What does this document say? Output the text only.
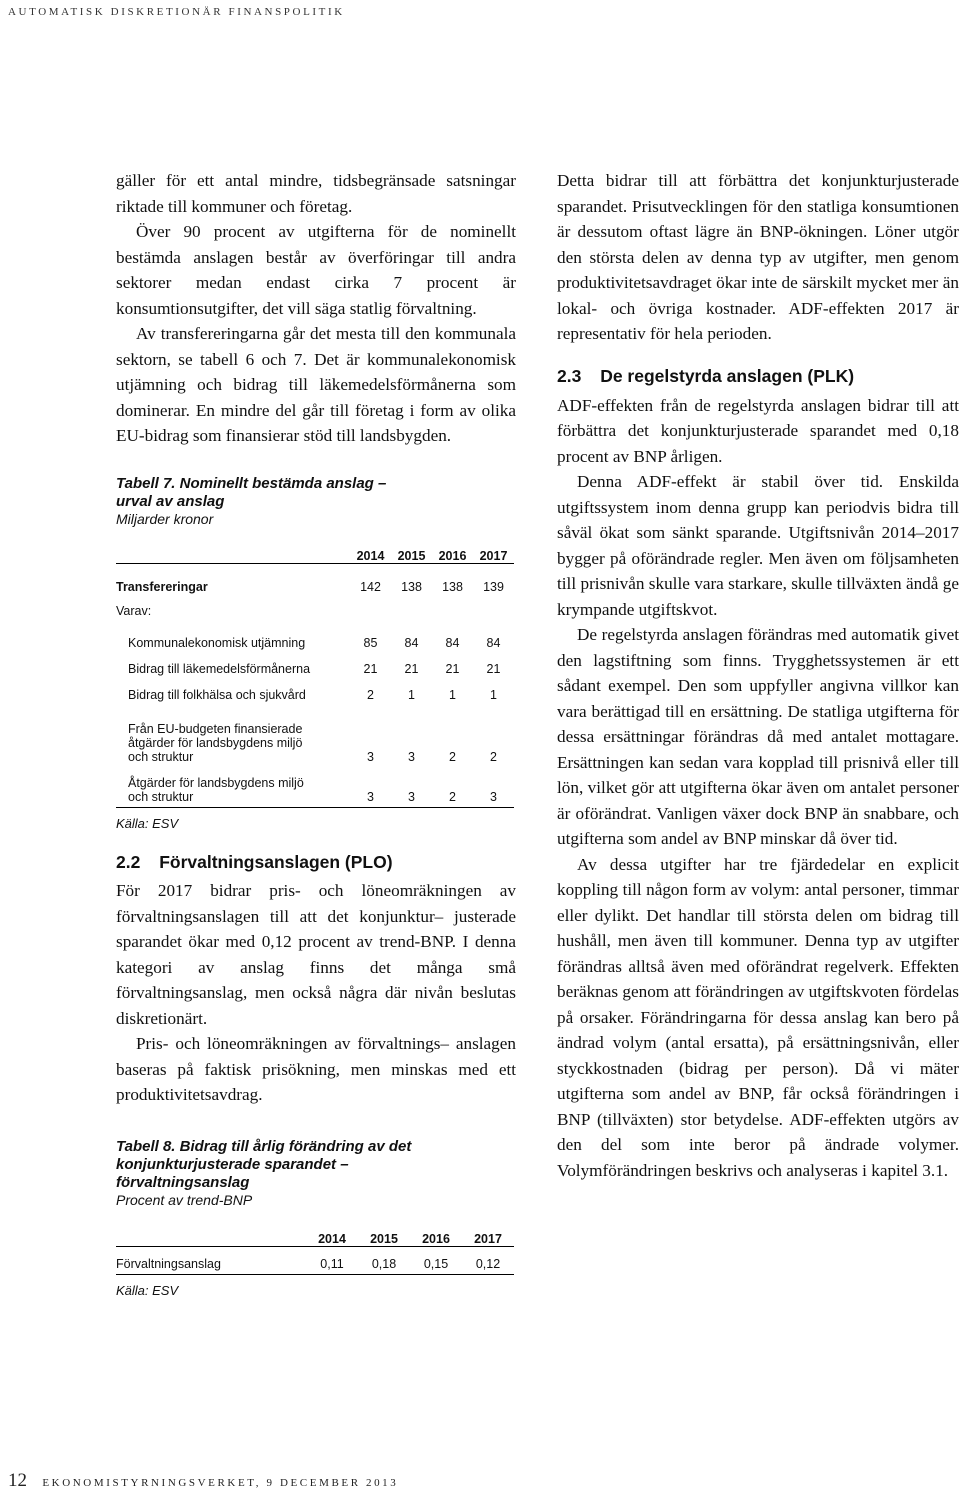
AUTOMATISK DISKRETIONÄR FINANSPOLITIK

gäller för ett antal mindre, tidsbegränsade satsningar riktade till kommuner och företag.

Över 90 procent av utgifterna för de nominellt bestämda anslagen består av överföringar till andra sektorer medan endast cirka 7 procent är konsumtionsutgifter, det vill säga statlig förvaltning.

Av transfereringarna går det mesta till den kommunala sektorn, se tabell 6 och 7. Det är kommunalekonomisk utjämning och bidrag till läkemedelsförmånerna som dominerar. En mindre del går till företag i form av olika EU-bidrag som finansierar stöd till landsbygden.

Tabell 7. Nominellt bestämda anslag –
urval av anslag
Miljarder kronor
	2014	2015	2016	2017
Transfereringar	142	138	138	139
Varav:				
Kommunalekonomisk utjämning	85	84	84	84
Bidrag till läkemedelsförmånerna	21	21	21	21
Bidrag till folkhälsa och sjukvård	2	1	1	1

Från EU-budgeten finansierade
åtgärder för landsbygdens miljö
och struktur	3	3	2	2

Åtgärder för landsbygdens miljö
och struktur	3	3	2	3
Källa: ESV
2.2 Förvaltningsanslagen (PLO)

För 2017 bidrar pris- och löneomräkningen av förvaltningsanslagen till att det konjunktur– justerade sparandet ökar med 0,12 procent av trend-BNP. I denna kategori av anslag finns det många små förvaltningsanslag, men också några där nivån beslutas diskretionärt.

Pris- och löneomräkningen av förvaltnings– anslagen baseras på faktisk prisökning, men minskas med ett produktivitetsavdrag.

Tabell 8. Bidrag till årlig förändring av det
konjunkturjusterade sparandet –
förvaltningsanslag
Procent av trend-BNP
	2014	2015	2016	2017
Förvaltningsanslag	0,11	0,18	0,15	0,12
Källa: ESV

Detta bidrar till att förbättra det konjunkturjusterade sparandet. Prisutvecklingen för den statliga konsumtionen är dessutom oftast lägre än BNP-ökningen. Löner utgör den största delen av denna typ av utgifter, men genom produktivitetsavdraget ökar inte de särskilt mycket mer än lokal- och övriga kostnader. ADF-effekten 2017 är representativ för hela perioden.

2.3 De regelstyrda anslagen (PLK)

ADF-effekten från de regelstyrda anslagen bidrar till att förbättra det konjunkturjusterade sparandet med 0,18 procent av BNP årligen.

Denna ADF-effekt är stabil över tid. Enskilda utgiftssystem inom denna grupp kan periodvis bidra till såväl ökat som sänkt sparande. Utgiftsnivån 2014–2017 bygger på oförändrade regler. Men även om följsamheten till prisnivån skulle vara starkare, skulle tillväxten ändå ge krympande utgiftskvot.

De regelstyrda anslagen förändras med automatik givet den lagstiftning som finns. Trygghetssystemen är ett sådant exempel. Den som uppfyller angivna villkor kan vara berättigad till en ersättning. De statliga utgifterna för dessa ersättningar förändras då med antalet mottagare. Ersättningen kan sedan vara kopplad till prisnivå eller till lön, vilket gör att utgifterna ökar även om antalet personer är oförändrat. Vanligen växer dock BNP än snabbare, och utgifterna som andel av BNP minskar då över tid.

Av dessa utgifter har tre fjärdedelar en explicit koppling till någon form av volym: antal personer, timmar eller dylikt. Det handlar till största delen om bidrag till hushåll, men även till kommuner. Denna typ av utgifter förändras alltså även med oförändrat regelverk. Effekten beräknas genom att förändringen av utgiftskvoten fördelas på orsaker. Förändringarna för dessa anslag kan bero på ändrad volym (antal ersatta), på ersättningsnivån, eller styckkostnaden (bidrag per person). Då vi mäter utgifterna som andel av BNP, får också förändringen i BNP (tillväxten) stor betydelse. ADF-effekten utgörs av den del som inte beror på ändrade volymer. Volymförändringen beskrivs och analyseras i kapitel 3.1.

12 EKONOMISTYRNINGSVERKET, 9 DECEMBER 2013
